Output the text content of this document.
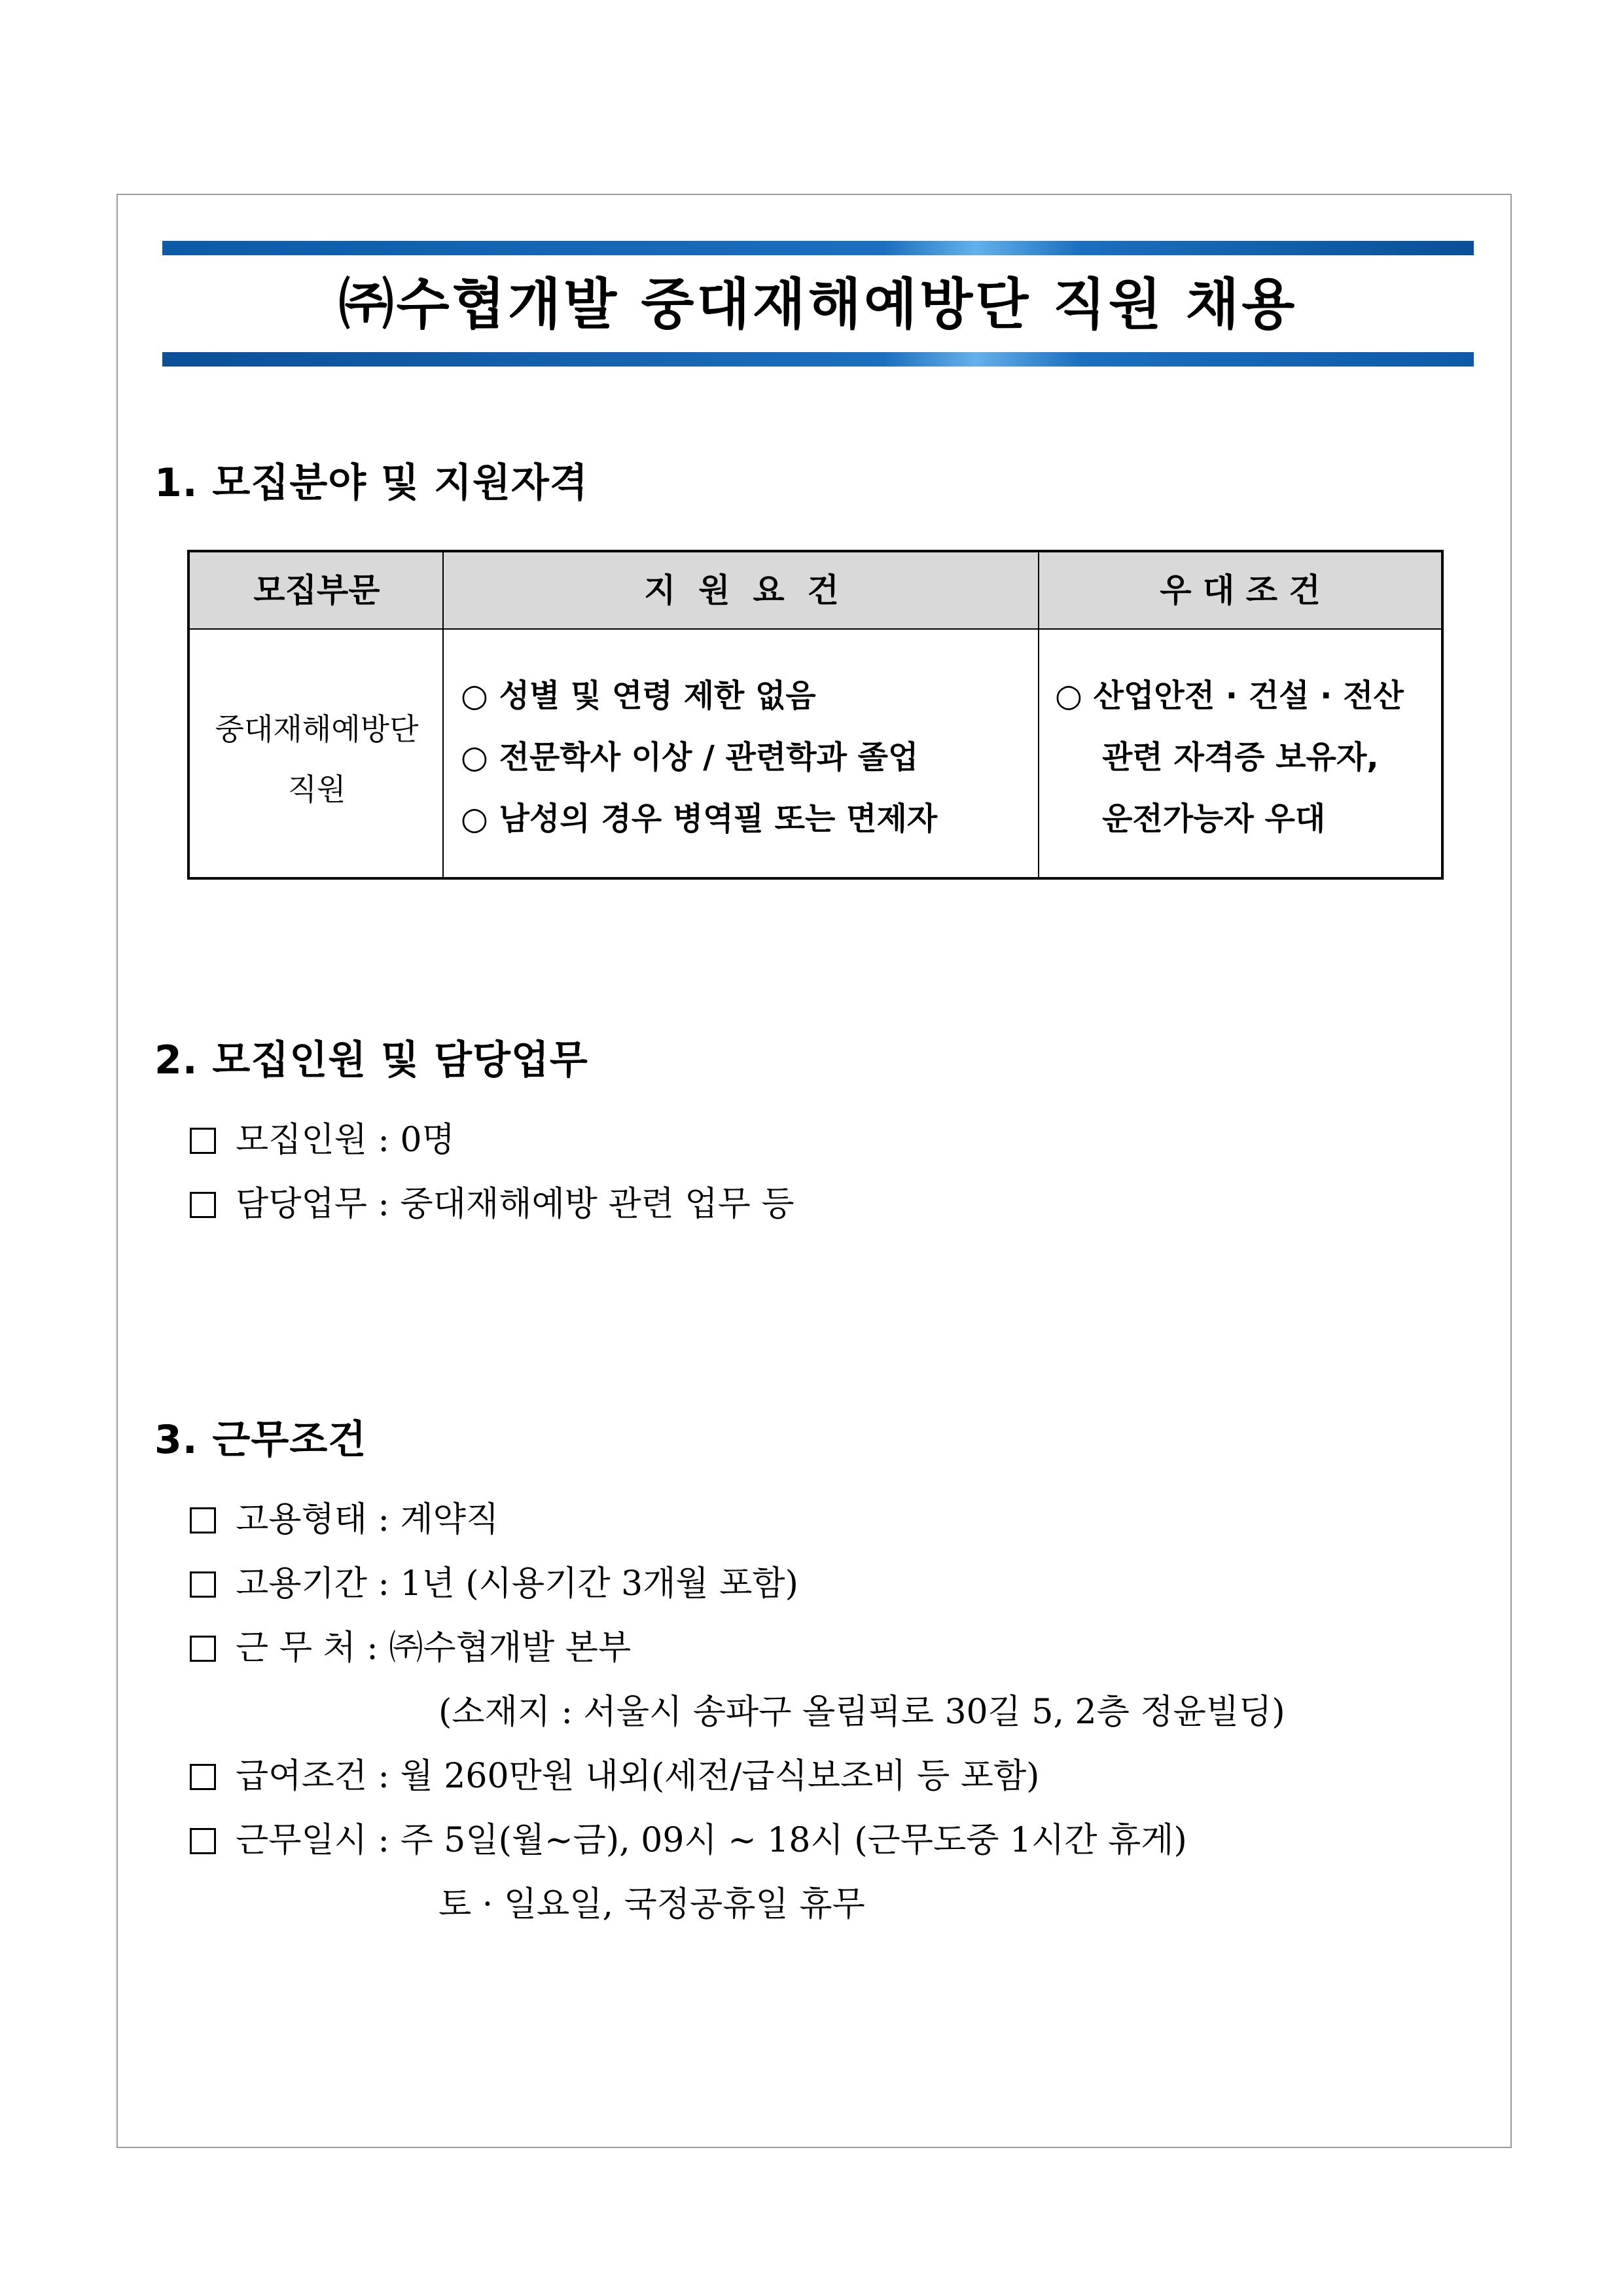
㈜수협개발 중대재해예방단 직원 채용
1. 모집분야 및 지원자격
모집부문	지  원  요  건	우 대 조 건
중대재해예방단
직원
○ 성별 및 연령 제한 없음
○ 전문학사 이상 / 관련학과 졸업
○ 남성의 경우 병역필 또는 면제자
○ 산업안전 · 건설 · 전산
관련 자격증 보유자,
운전가능자 우대
2. 모집인원 및 담당업무
모집인원 : 0명
담당업무 : 중대재해예방 관련 업무 등
3. 근무조건
고용형태 : 계약직
고용기간 : 1년 (시용기간 3개월 포함)
근 무 처 : ㈜수협개발 본부
(소재지 : 서울시 송파구 올림픽로 30길 5, 2층 정윤빌딩)
급여조건 : 월 260만원 내외(세전/급식보조비 등 포함)
근무일시 : 주 5일(월~금), 09시 ~ 18시 (근무도중 1시간 휴게)
토 · 일요일, 국정공휴일 휴무
